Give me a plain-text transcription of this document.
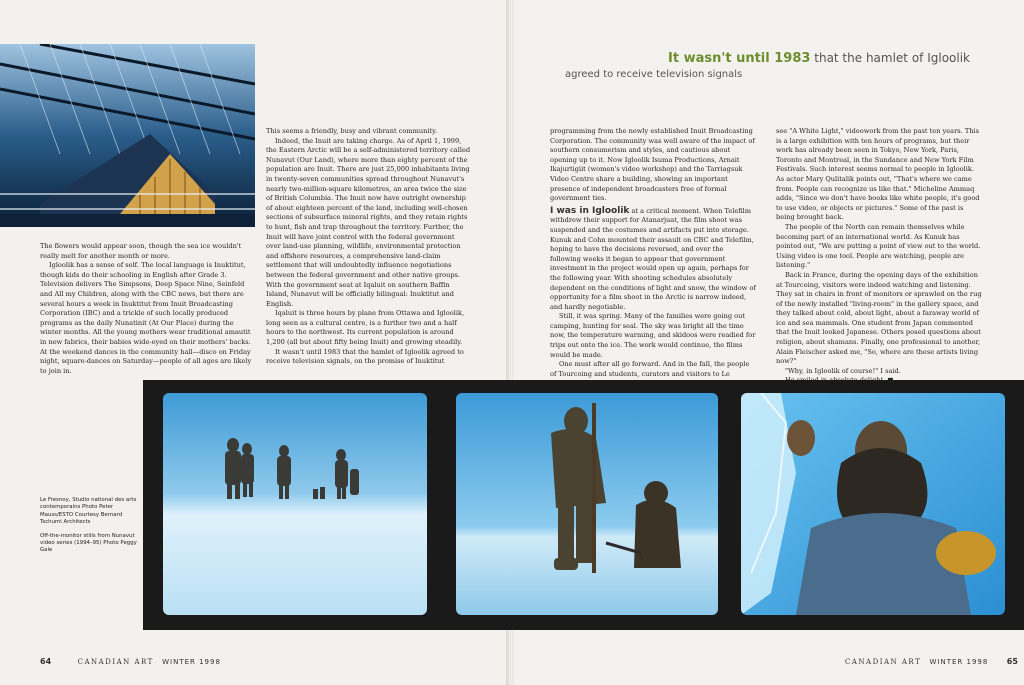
The flowers would appear soon, though the sea ice wouldn't really melt for another month or more.

Igloolik has a sense of self. The local language is Inuktitut, though kids do their schooling in English after Grade 3. Television delivers The Simpsons, Deep Space Nine, Seinfeld and All my Children, along with the CBC news, but there are several hours a week in Inuktitut from Inuit Broadcasting Corporation (IBC) and a trickle of such locally produced programs as the daily Nunatinit (At Our Place) during the winter months. All the young mothers wear traditional amautit in new fabrics, their babies wide-eyed on their mothers' backs. At the weekend dances in the community hall—disco on Friday night, square-dances on Saturday—people of all ages are likely to join in.

This seems a friendly, busy and vibrant community.

Indeed, the Inuit are taking charge. As of April 1, 1999, the Eastern Arctic will be a self-administered territory called Nunavut (Our Land), where more than eighty percent of the population are Inuit. There are just 25,000 inhabitants living in twenty-seven communities spread throughout Nunavut's nearly two-million-square kilometres, an area twice the size of British Columbia. The Inuit now have outright ownership of about eighteen percent of the land, including well-chosen sections of subsurface mineral rights, and they retain rights to hunt, fish and trap throughout the territory. Further, the Inuit will have joint control with the federal government over land-use planning, wildlife, environmental protection and offshore resources, a comprehensive land-claim settlement that will undoubtedly influence negotiations between the federal government and other native groups. With the government seat at Iqaluit on southern Baffin Island, Nunavut will be officially bilingual: Inuktitut and English.

Iqaluit is three hours by plane from Ottawa and Igloolik, long seen as a cultural centre, is a further two and a half hours to the northwest. Its current population is around 1,200 (all but about fifty being Inuit) and growing steadily.

It wasn't until 1983 that the hamlet of Igloolik agreed to receive television signals, on the promise of Inuktitut

Le Fresnoy, Studio national des arts contemporains Photo Peter Mauss/ESTO Courtesy Bernard Tschumi Architects

Off-the-monitor stills from Nunavut video series (1994–95) Photo Peggy Gale

64	CANADIAN ART WINTER 1998
It wasn't until 1983 that the hamlet of Igloolik
agreed to receive television signals

programming from the newly established Inuit Broadcasting Corporation. The community was well aware of the impact of southern consumerism and styles, and cautious about opening up to it. Now Igloolik Isuma Productions, Arnait Ikajurtigiit (women's video workshop) and the Tarriagsuk Video Centre share a building, showing an important presence of independent broadcasters free of formal government ties.

I was in Igloolik at a critical moment. When Telefilm withdrew their support for Atanarjuat, the film shoot was suspended and the costumes and artifacts put into storage. Kunuk and Cohn mounted their assault on CBC and Telefilm, hoping to have the decisions reversed, and over the following weeks it began to appear that government investment in the project would open up again, perhaps for the following year. With shooting schedules absolutely dependent on the conditions of light and snow, the window of opportunity for a film shoot in the Arctic is narrow indeed, and hardly negotiable.

Still, it was spring. Many of the families were going out camping, hunting for seal. The sky was bright all the time now, the temperature warming, and skidoos were readied for trips out onto the ice. The work would continue, the films would be made.

One must after all go forward. And in the fall, the people of Tourcoing and students, curators and visitors to Le

see "A White Light," videowork from the past ten years. This is a large exhibition with ten hours of programs, but their work has already been seen in Tokyo, New York, Paris, Toronto and Montreal, in the Sundance and New York Film Festivals. Such interest seems normal to people in Igloolik. As actor Mary Qulitalik points out, "That's where we came from. People can recognize us like that." Micheline Ammaq adds, "Since we don't have books like white people, it's good to use video, or objects or pictures." Some of the past is being brought back.

The people of the North can remain themselves while becoming part of an international world. As Kunuk has pointed out, "We are putting a point of view out to the world. Using video is one tool. People are watching, people are listening."

Back in France, during the opening days of the exhibition at Tourcoing, visitors were indeed watching and listening. They sat in chairs in front of monitors or sprawled on the rug of the newly installed "living-room" in the gallery space, and they talked about cold, about light, about a faraway world of ice and sea mammals. One student from Japan commented that the Inuit looked Japanese. Others posed questions about religion, about shamans. Finally, one professional to another, Alain Fleischer asked me, "So, where are these artists living now?"

"Why, in Igloolik of course!" I said.

CANADIAN ART WINTER 1998 65
